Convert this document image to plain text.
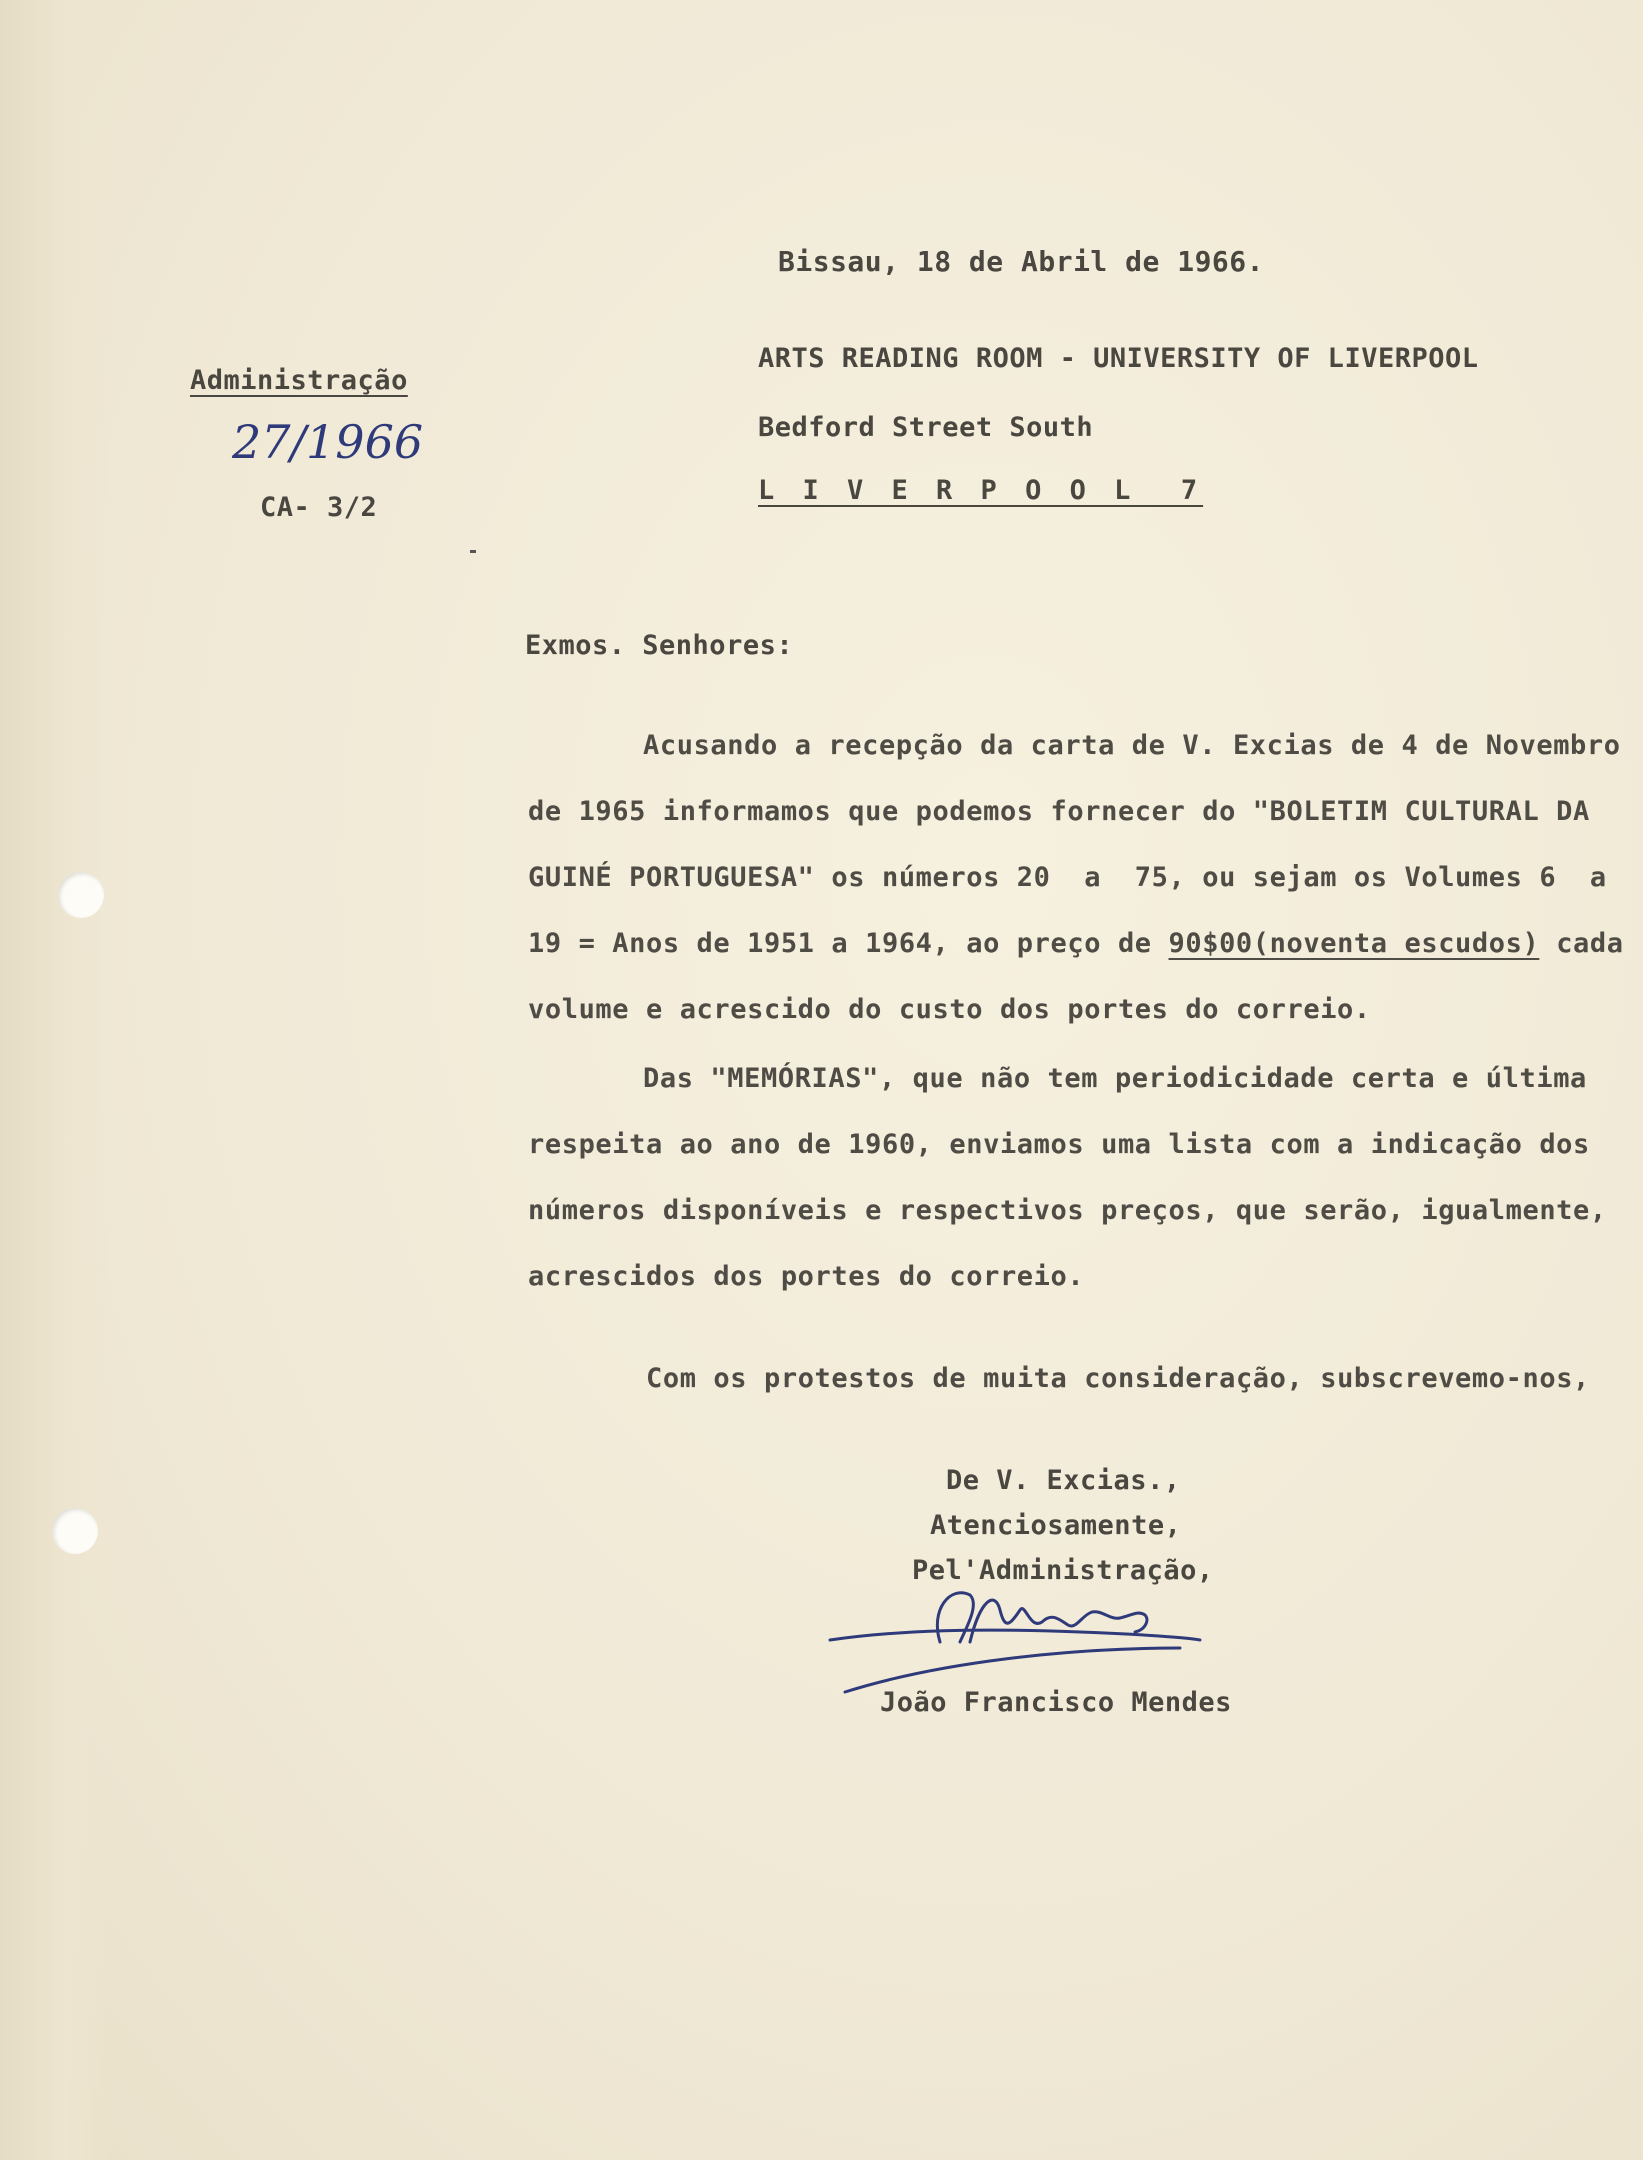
Bissau, 18 de Abril de 1966.
Administração
27/1966
CA- 3/2
ARTS READING ROOM - UNIVERSITY OF LIVERPOOL
Bedford Street South
L I V E R P O O L  7
Exmos. Senhores:
Acusando a recepção da carta de V. Excias de 4 de Novembro
de 1965 informamos que podemos fornecer do "BOLETIM CULTURAL DA
GUINÉ PORTUGUESA" os números 20  a  75, ou sejam os Volumes 6  a
19 = Anos de 1951 a 1964, ao preço de 90$00(noventa escudos) cada
volume e acrescido do custo dos portes do correio.
Das "MEMÓRIAS", que não tem periodicidade certa e última
respeita ao ano de 1960, enviamos uma lista com a indicação dos
números disponíveis e respectivos preços, que serão, igualmente,
acrescidos dos portes do correio.
Com os protestos de muita consideração, subscrevemo-nos,
De V. Excias.,
Atenciosamente,
Pel'Administração,
João Francisco Mendes
